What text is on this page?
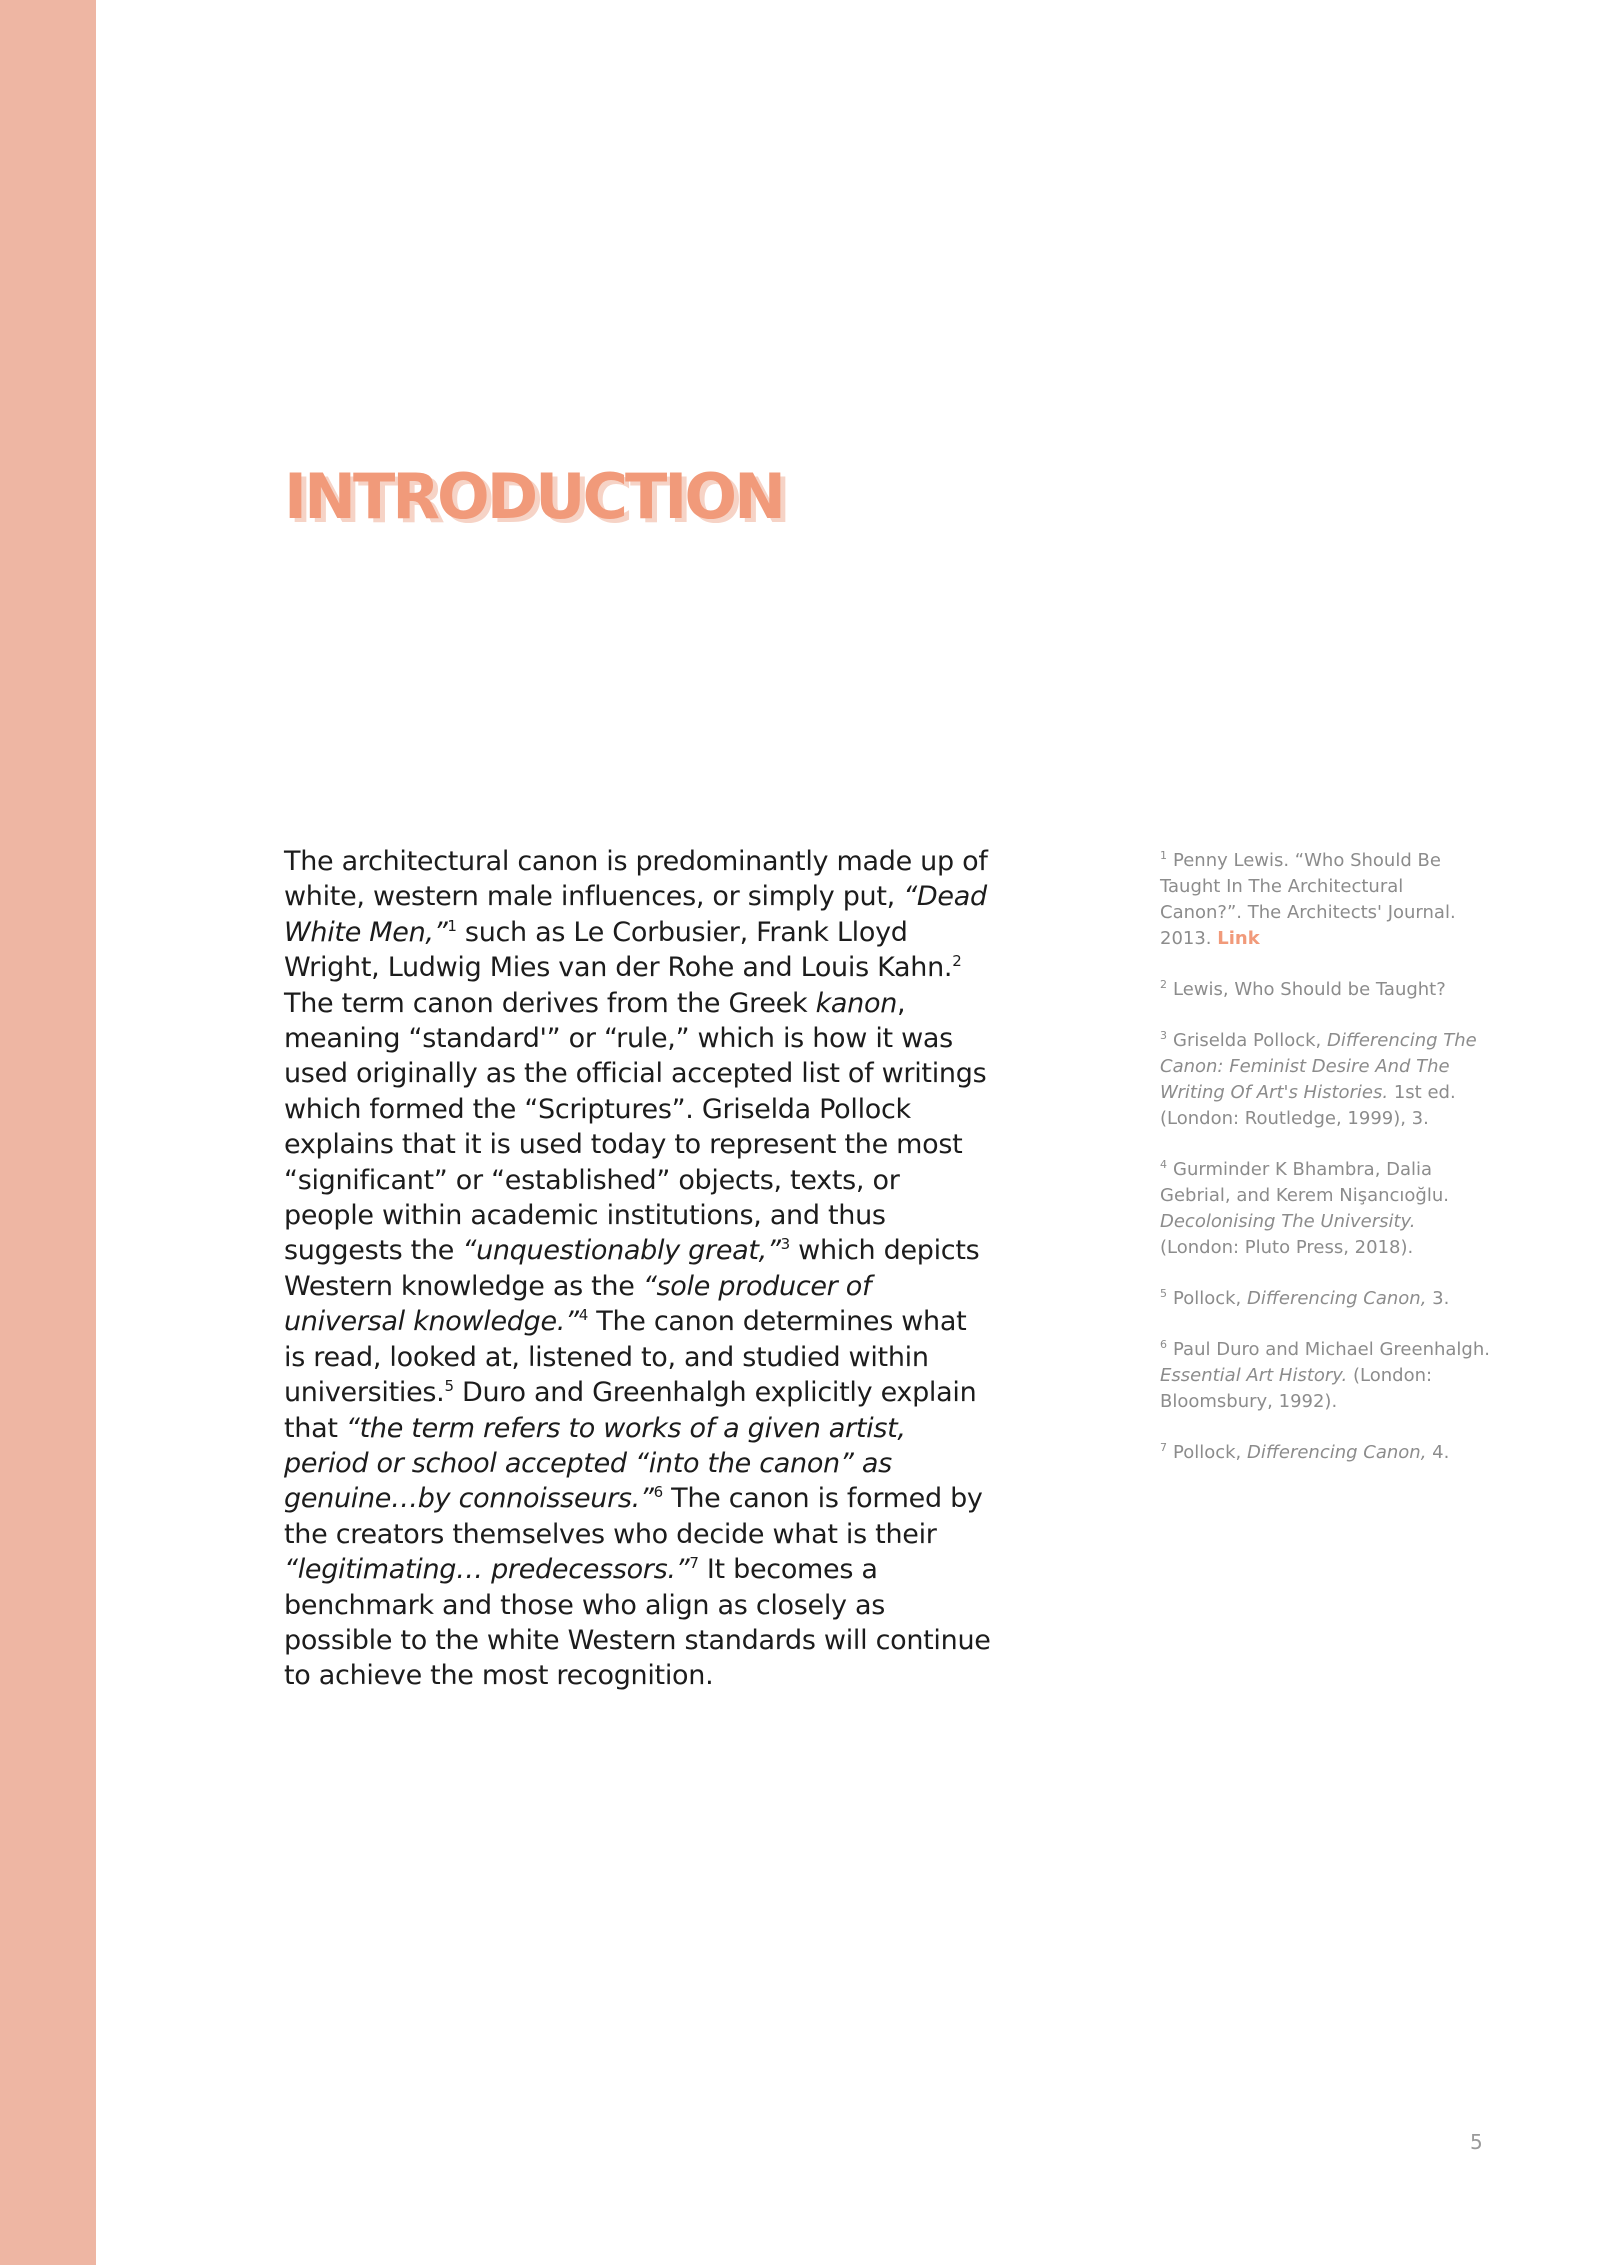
INTRODUCTION

The architectural canon is predominantly made up of white, western male influences, or simply put, “Dead White Men,”$^1$ such as Le Corbusier, Frank Lloyd Wright, Ludwig Mies van der Rohe and Louis Kahn.$^2$ The term canon derives from the Greek kanon, meaning “standard'” or “rule,” which is how it was used originally as the official accepted list of writings which formed the “Scriptures”. Griselda Pollock explains that it is used today to represent the most “significant” or “established” objects, texts, or people within academic institutions, and thus suggests the “unquestionably great,”$^3$ which depicts Western knowledge as the “sole producer of universal knowledge.”$^4$ The canon determines what is read, looked at, listened to, and studied within universities.$^5$ Duro and Greenhalgh explicitly explain that “the term refers to works of a given artist, period or school accepted “into the canon” as genuine…by connoisseurs.”$^6$ The canon is formed by the creators themselves who decide what is their “legitimating… predecessors.”$^7$ It becomes a benchmark and those who align as closely as possible to the white Western standards will continue to achieve the most recognition.

$^1$ Penny Lewis. “Who Should Be Taught In The Architectural Canon?”. The Architects' Journal. 2013. Link
$^2$ Lewis, Who Should be Taught?
$^3$ Griselda Pollock, Differencing The Canon: Feminist Desire And The Writing Of Art's Histories. 1st ed. (London: Routledge, 1999), 3.
$^4$ Gurminder K Bhambra, Dalia Gebrial, and Kerem Nişancıoğlu. Decolonising The University. (London: Pluto Press, 2018).
$^5$ Pollock, Differencing Canon, 3.
$^6$ Paul Duro and Michael Greenhalgh. Essential Art History. (London: Bloomsbury, 1992).
$^7$ Pollock, Differencing Canon, 4.
5
